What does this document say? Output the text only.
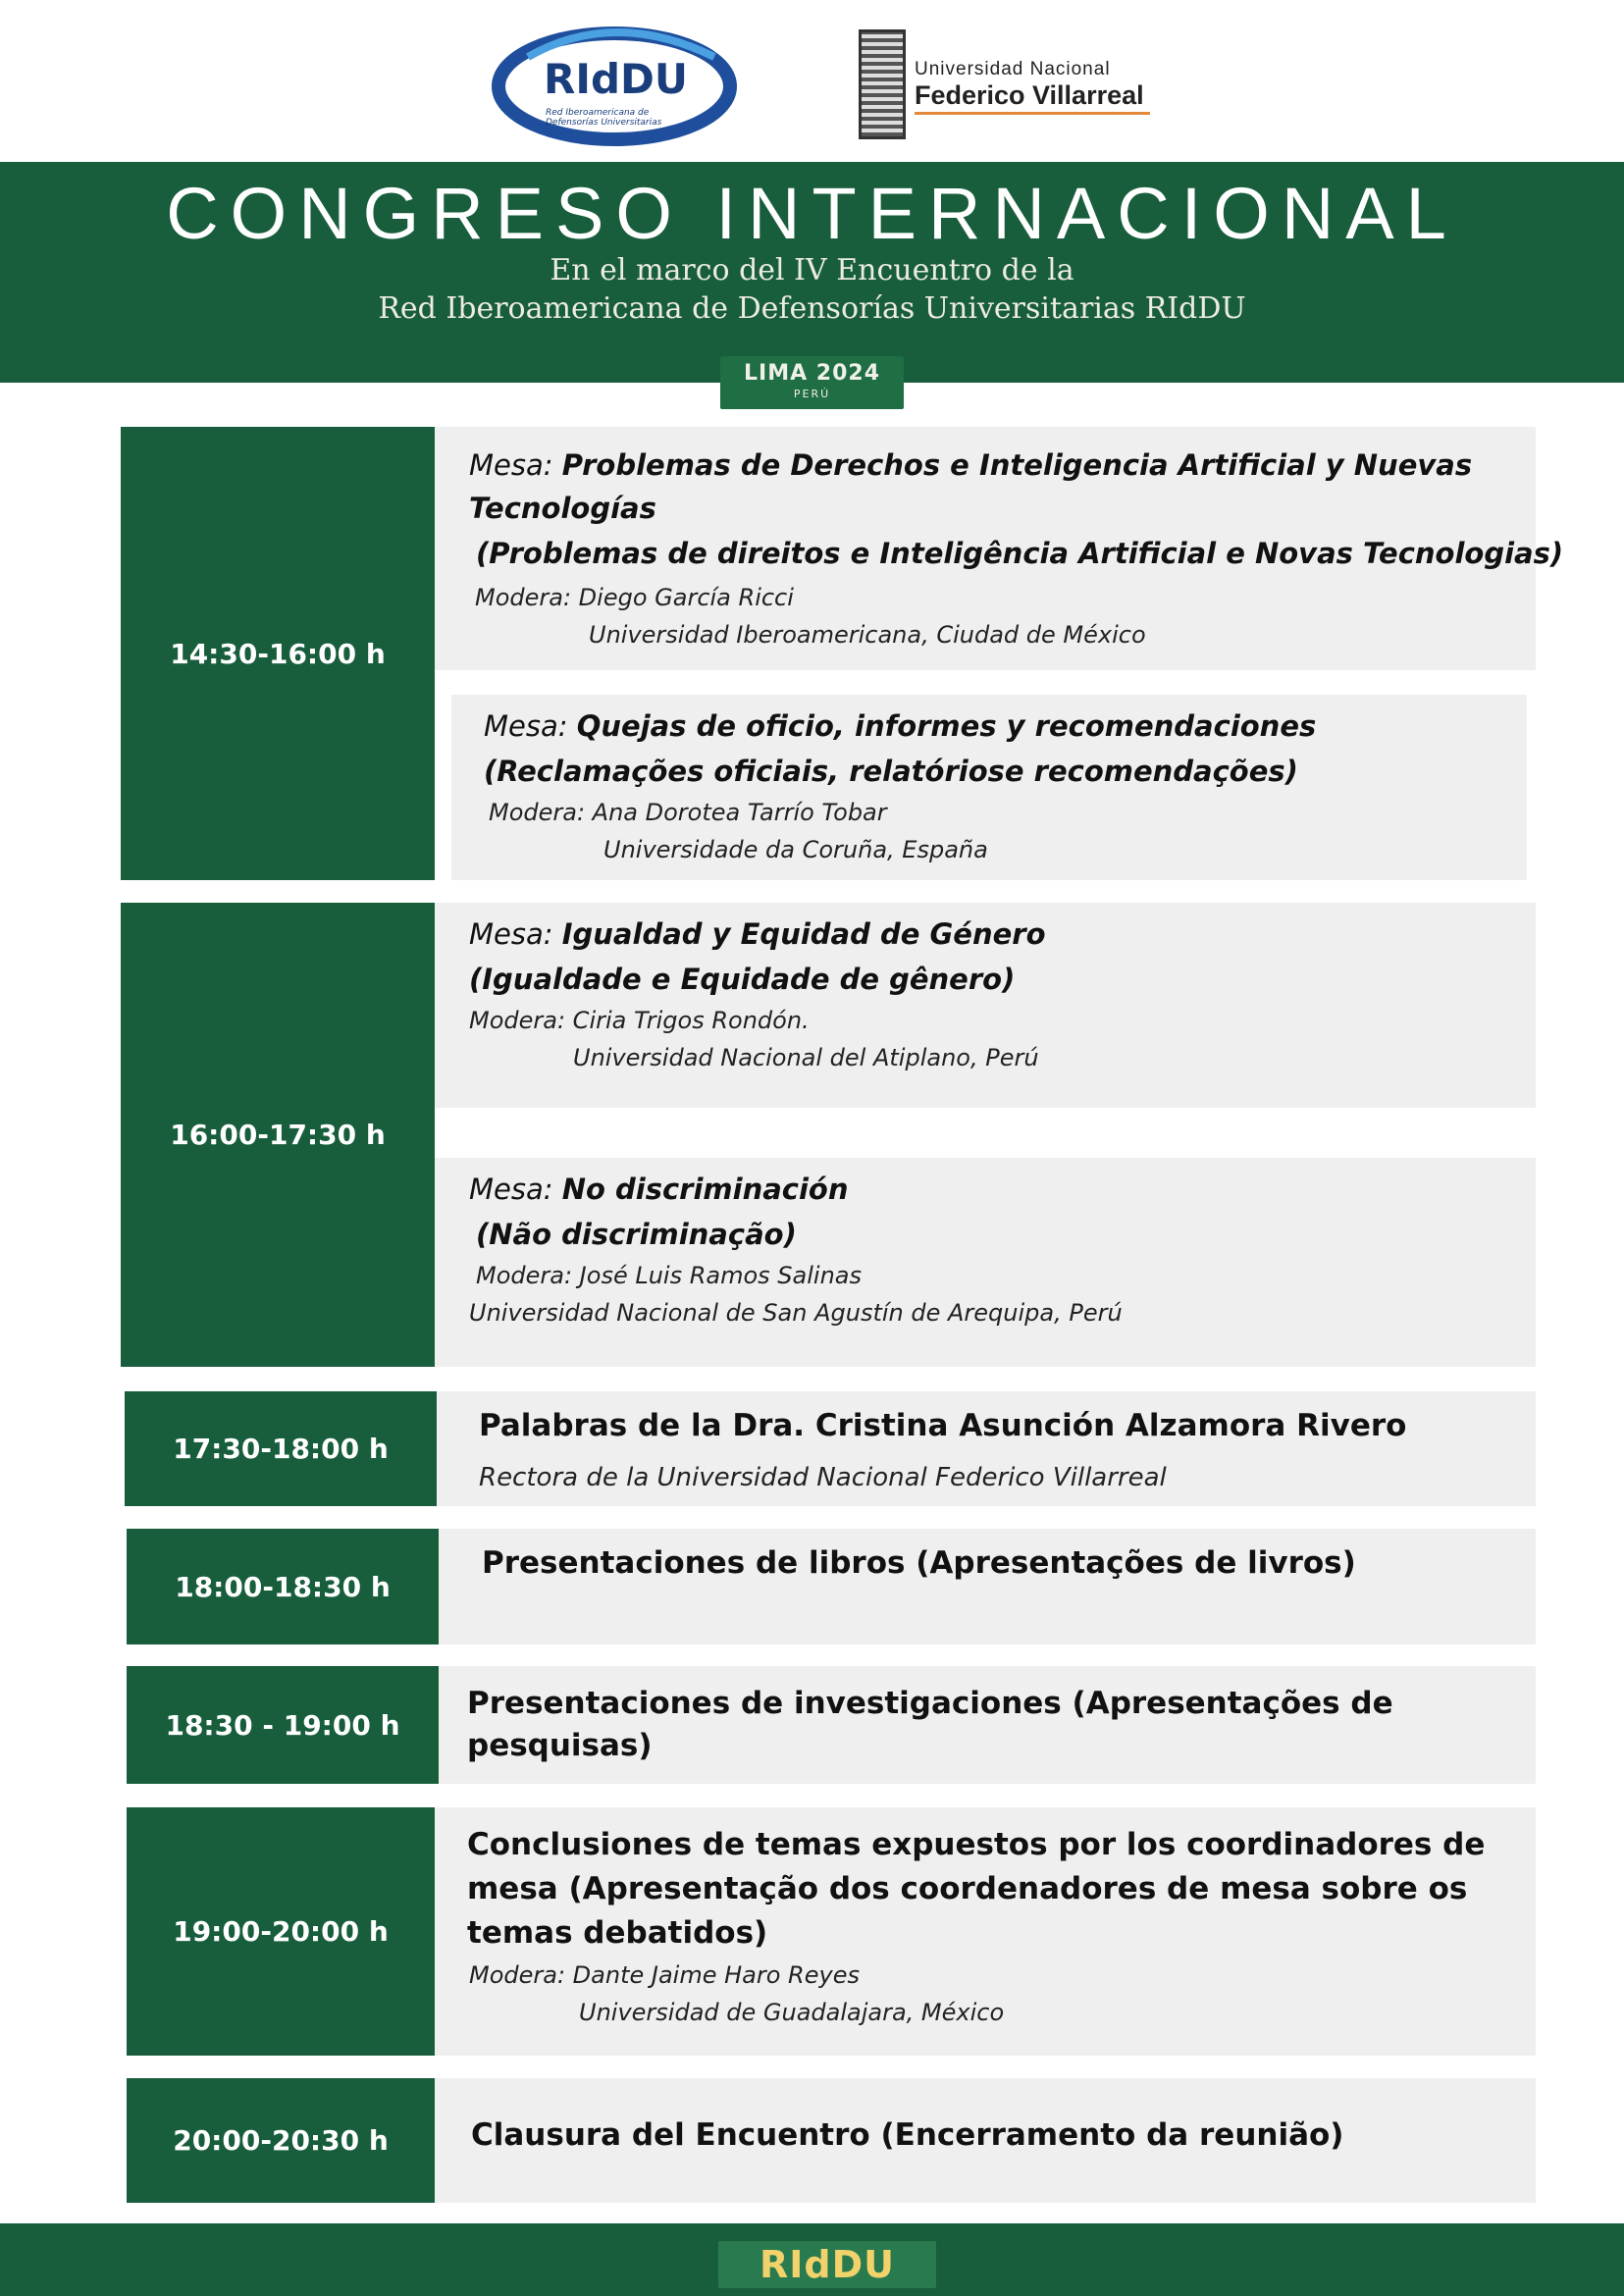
RIdDU
Red Iberoamericana de Defensorías Universitarias
Universidad Nacional
Federico Villarreal
CONGRESO INTERNACIONAL
En el marco del IV Encuentro de la
Red Iberoamericana de Defensorías Universitarias RIdDU
LIMA 2024
PERÚ
14:30-16:00 h
Mesa: Problemas de Derechos e Inteligencia Artificial y Nuevas
Tecnologías
(Problemas de direitos e Inteligência Artificial e Novas Tecnologias)
Modera: Diego García Ricci
Universidad Iberoamericana, Ciudad de México
Mesa: Quejas de oficio, informes y recomendaciones
(Reclamações oficiais, relatóriose recomendações)
Modera: Ana Dorotea Tarrío Tobar
Universidade da Coruña, España
16:00-17:30 h
Mesa: Igualdad y Equidad de Género
(Igualdade e Equidade de gênero)
Modera: Ciria Trigos Rondón.
Universidad Nacional del Atiplano, Perú
Mesa: No discriminación
(Não discriminação)
Modera: José Luis Ramos Salinas
Universidad Nacional de San Agustín de Arequipa, Perú
17:30-18:00 h
Palabras de la Dra. Cristina Asunción Alzamora Rivero
Rectora de la Universidad Nacional Federico Villarreal
18:00-18:30 h
Presentaciones de libros (Apresentações de livros)
18:30 - 19:00 h
Presentaciones de investigaciones (Apresentações de
pesquisas)
19:00-20:00 h
Conclusiones de temas expuestos por los coordinadores de
mesa (Apresentação dos coordenadores de mesa sobre os
temas debatidos)
Modera: Dante Jaime Haro Reyes
Universidad de Guadalajara, México
20:00-20:30 h	Clausura del Encuentro (Encerramento da reunião)
RIdDU
